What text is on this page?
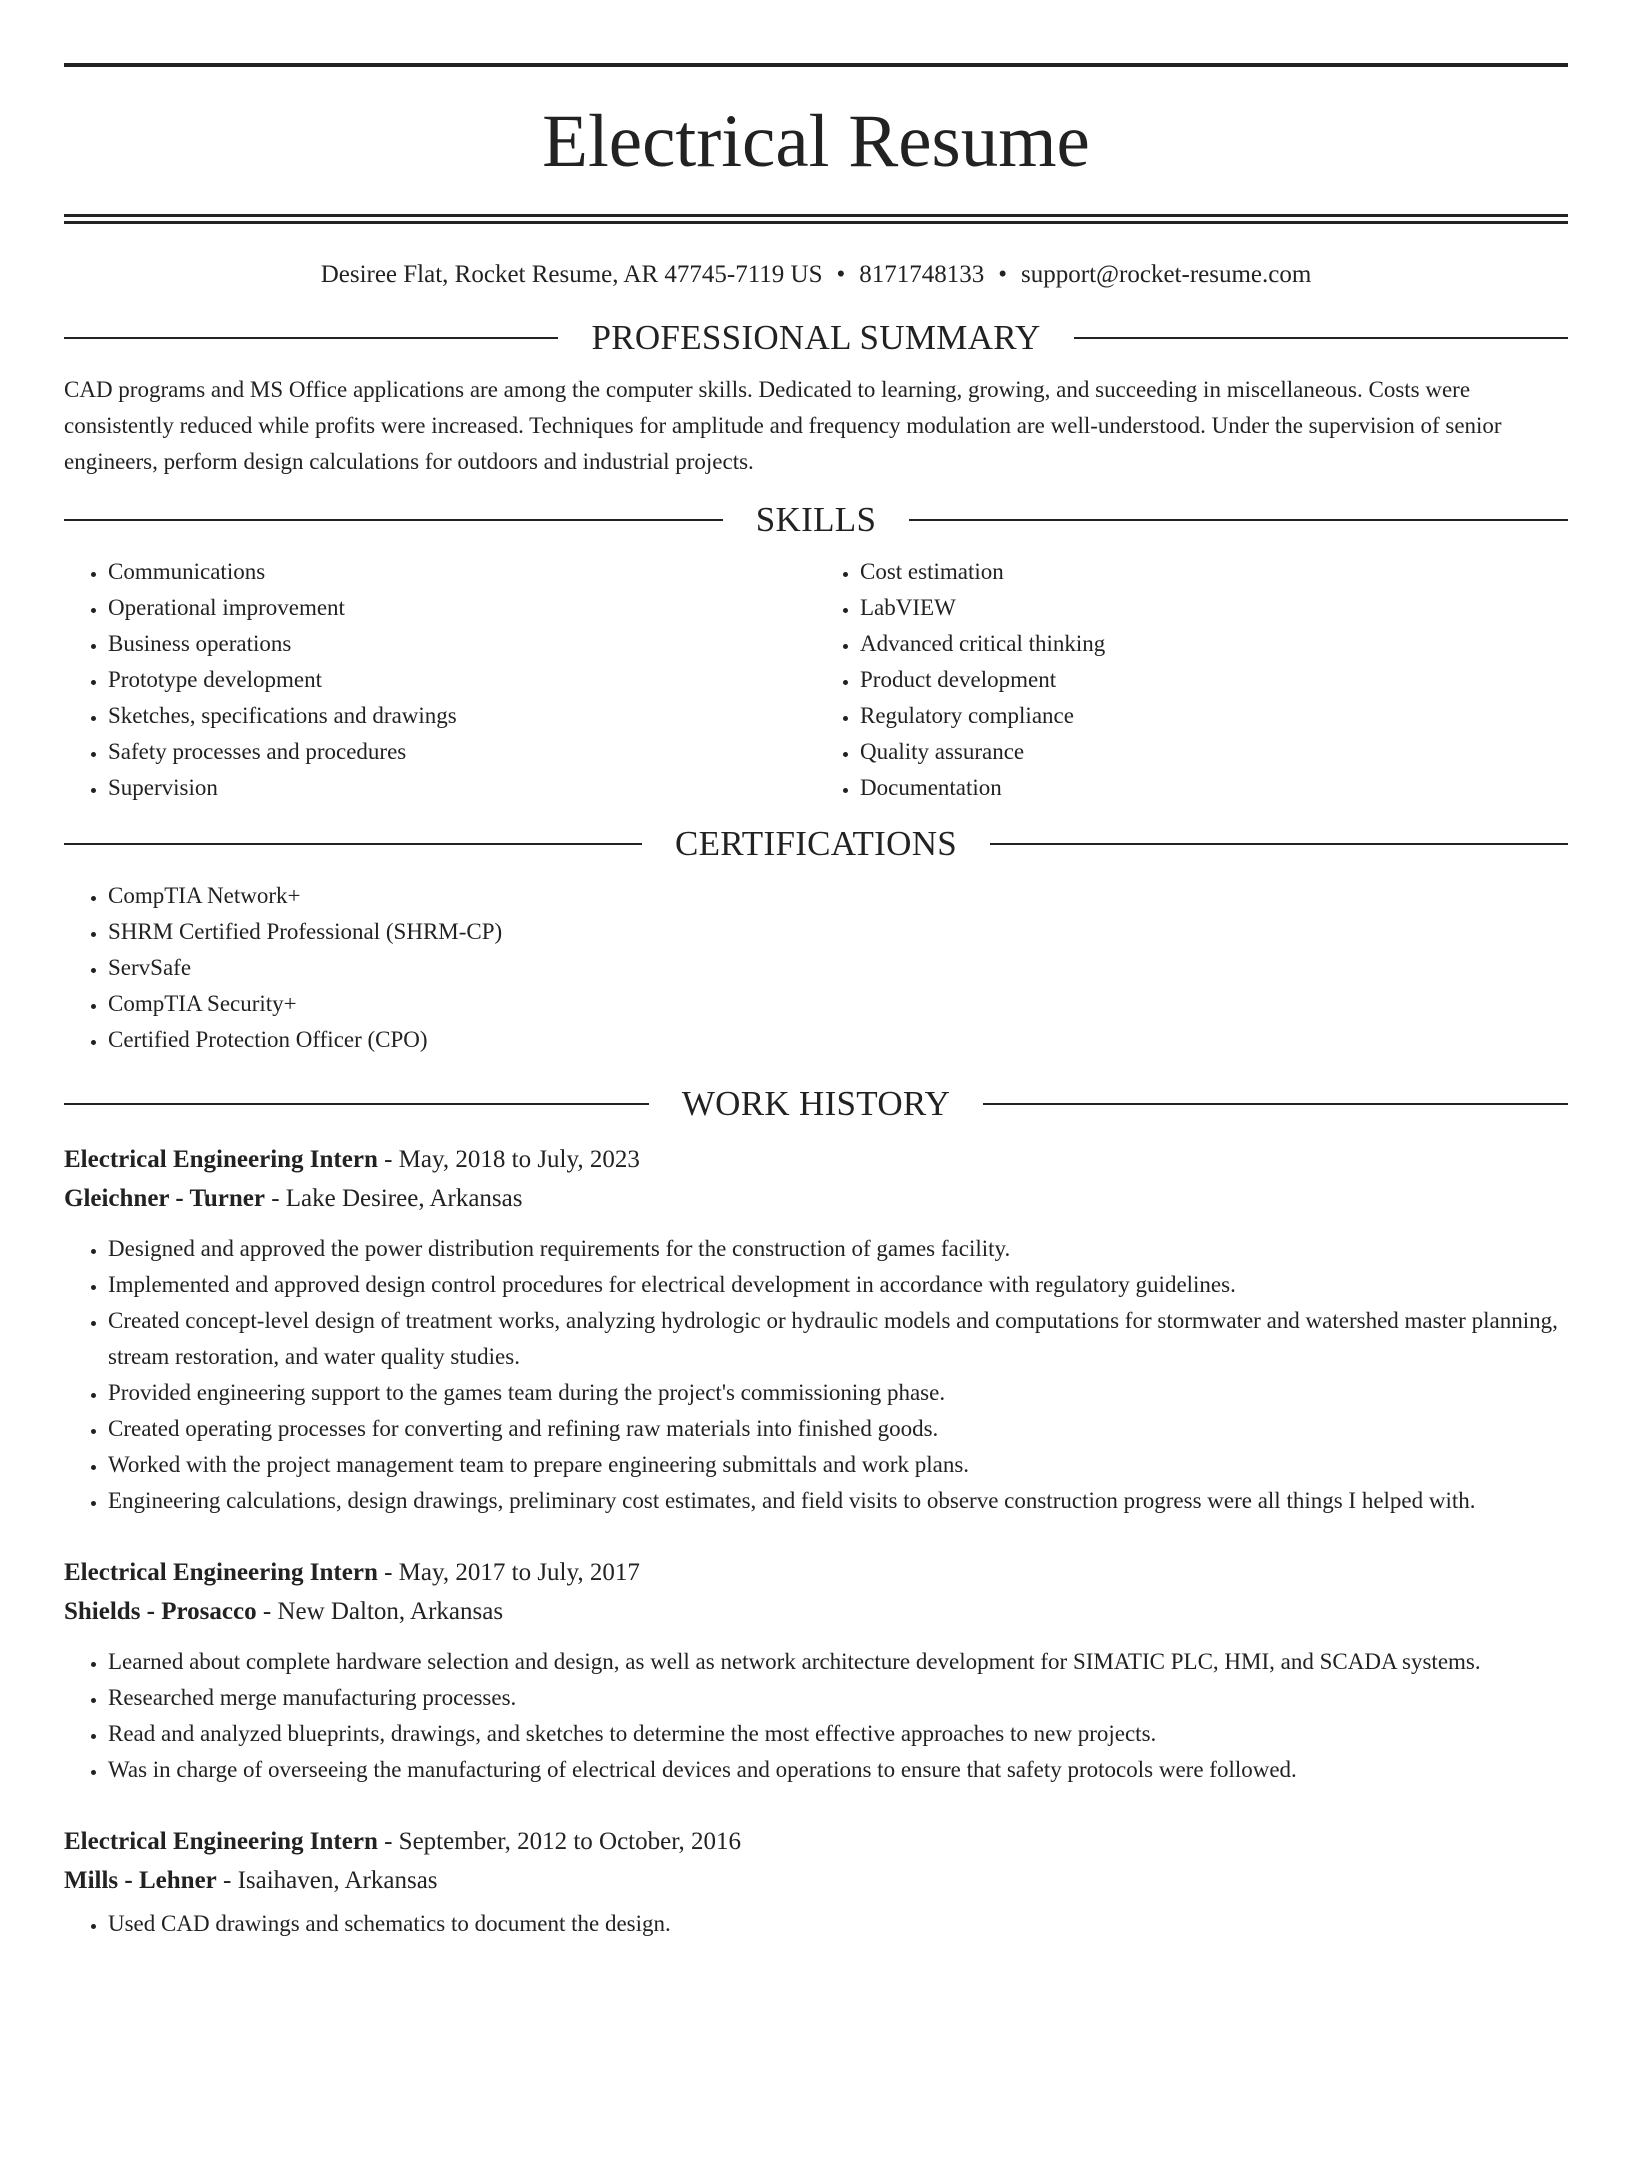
Electrical Resume
Desiree Flat, Rocket Resume, AR 47745-7119 US • 8171748133 • support@rocket-resume.com
PROFESSIONAL SUMMARY
CAD programs and MS Office applications are among the computer skills. Dedicated to learning, growing, and succeeding in miscellaneous. Costs were consistently reduced while profits were increased. Techniques for amplitude and frequency modulation are well-understood. Under the supervision of senior engineers, perform design calculations for outdoors and industrial projects.
SKILLS
• Communications
• Operational improvement
• Business operations
• Prototype development
• Sketches, specifications and drawings
• Safety processes and procedures
• Supervision
• Cost estimation
• LabVIEW
• Advanced critical thinking
• Product development
• Regulatory compliance
• Quality assurance
• Documentation
CERTIFICATIONS
• CompTIA Network+
• SHRM Certified Professional (SHRM-CP)
• ServSafe
• CompTIA Security+
• Certified Protection Officer (CPO)
WORK HISTORY
Electrical Engineering Intern - May, 2018 to July, 2023
Gleichner - Turner - Lake Desiree, Arkansas
• Designed and approved the power distribution requirements for the construction of games facility.
• Implemented and approved design control procedures for electrical development in accordance with regulatory guidelines.
• Created concept-level design of treatment works, analyzing hydrologic or hydraulic models and computations for stormwater and watershed master planning, stream restoration, and water quality studies.
• Provided engineering support to the games team during the project's commissioning phase.
• Created operating processes for converting and refining raw materials into finished goods.
• Worked with the project management team to prepare engineering submittals and work plans.
• Engineering calculations, design drawings, preliminary cost estimates, and field visits to observe construction progress were all things I helped with.
Electrical Engineering Intern - May, 2017 to July, 2017
Shields - Prosacco - New Dalton, Arkansas
• Learned about complete hardware selection and design, as well as network architecture development for SIMATIC PLC, HMI, and SCADA systems.
• Researched merge manufacturing processes.
• Read and analyzed blueprints, drawings, and sketches to determine the most effective approaches to new projects.
• Was in charge of overseeing the manufacturing of electrical devices and operations to ensure that safety protocols were followed.
Electrical Engineering Intern - September, 2012 to October, 2016
Mills - Lehner - Isaihaven, Arkansas
• Used CAD drawings and schematics to document the design.
